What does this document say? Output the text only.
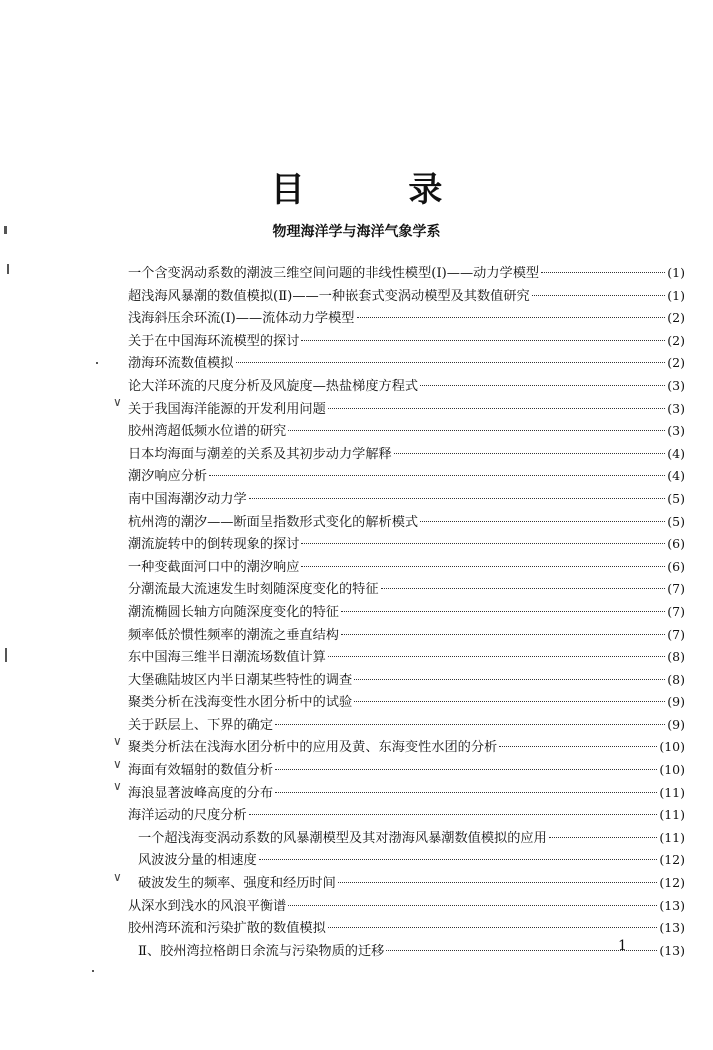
目 录
物理海洋学与海洋气象学系
一个含变涡动系数的潮波三维空间问题的非线性模型(Ⅰ)——动力学模型	(1)
超浅海风暴潮的数值模拟(Ⅱ)——一种嵌套式变涡动模型及其数值研究	(1)
浅海斜压余环流(Ⅰ)——流体动力学模型	(2)
关于在中国海环流模型的探讨	(2)
渤海环流数值模拟	(2)
论大洋环流的尺度分析及风旋度—热盐梯度方程式	(3)
关于我国海洋能源的开发利用问题	(3)
胶州湾超低频水位谱的研究	(3)
日本均海面与潮差的关系及其初步动力学解释	(4)
潮汐响应分析	(4)
南中国海潮汐动力学	(5)
杭州湾的潮汐——断面呈指数形式变化的解析模式	(5)
潮流旋转中的倒转现象的探讨	(6)
一种变截面河口中的潮汐响应	(6)
分潮流最大流速发生时刻随深度变化的特征	(7)
潮流椭圆长轴方向随深度变化的特征	(7)
频率低於惯性频率的潮流之垂直结构	(7)
东中国海三维半日潮流场数值计算	(8)
大堡礁陆坡区内半日潮某些特性的调查	(8)
聚类分析在浅海变性水团分析中的试验	(9)
关于跃层上、下界的确定	(9)
聚类分析法在浅海水团分析中的应用及黄、东海变性水团的分析	(10)
海面有效辐射的数值分析	(10)
海浪显著波峰高度的分布	(11)
海洋运动的尺度分析	(11)
一个超浅海变涡动系数的风暴潮模型及其对渤海风暴潮数值模拟的应用	(11)
风波波分量的相速度	(12)
破波发生的频率、强度和经历时间	(12)
从深水到浅水的风浪平衡谱	(13)
胶州湾环流和污染扩散的数值模拟	(13)
Ⅱ、胶州湾拉格朗日余流与污染物质的迁移	(13)
∨
∨
∨
∨
∨
1
